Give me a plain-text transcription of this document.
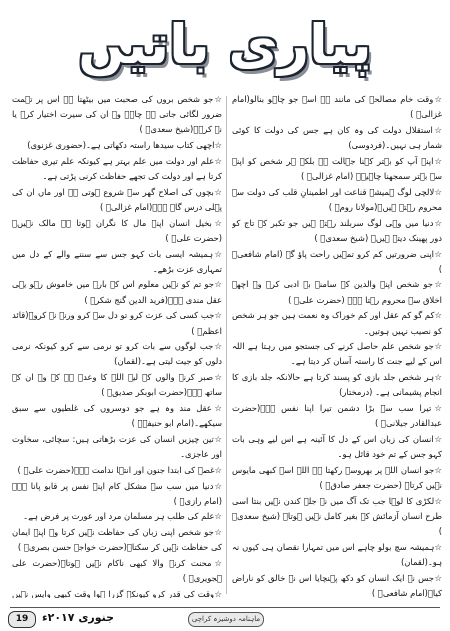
پیاری باتیں

☆وقت خام مصالحے کی مانند ہے اسے جو چاہو بنالو(امام غزالیؒ )

☆استقلال دولت کی وہ کان ہے جس کی دولت کا کوئی شمار ہی نہیں۔(فردوسی)

☆اپنے آپ کو بہتر کہنا جہالت ہے بلکہ ہر شخص کو اپنے سے بہتر سمجھنا چاہیے۔ (امام غزالیؒ )

☆لالچی لوگ ہمیشہ قناعت اور اطمینانِ قلب کی دولت سے محروم رہتے ہیں۔(مولانا رومؒ )

☆دنیا میں وہی لوگ سربلند رہتے ہیں جو تکبر کے تاج کو دور پھینک دیتے ہیں۔ (شیخ سعدیؒ )

☆اپنی ضرورتیں کم کرو تمہیں راحت پاؤ گے (امام شافعیؒ )

☆جو شخص اپنے والدین کے سامنے بے ادبی کرے وہ اچھے اخلاق سے محروم رہتا ہے۔ (حضرت علیؓ )

☆کم گو کم عقل اور کم خوراک وہ نعمت ہیں جو ہر شخص کو نصیب نہیں ہوتیں۔

☆جو شخص علم حاصل کرنے کی جستجو میں رہتا ہے اللہ اس کے لیے جنت کا راستہ آسان کر دیتا ہے۔

☆ہر شخص جلد بازی کو پسند کرتا ہے حالانکہ جلد بازی کا انجام پشیمانی ہے۔ (درمختار)

☆تیرا سب سے بڑا دشمن تیرا اپنا نفس ہے۔(حضرت عبدالقادر جیلانیؒ )

☆انسان کی زبان اس کے دل کا آئینہ ہے اس لیے وہی بات کہو جس کے تم خود قائل ہو۔

☆جو انسان اللہ پر بھروسہ رکھتا ہے اللہ اسے کبھی مایوس نہیں کرتا۔ (حضرت جعفر صادقؒ )

☆لکڑی کا لوہا جب تک آگ میں نہ جلے کندن نہیں بنتا اسی طرح انسان آزمائش کے بغیر کامل نہیں ہوتا۔ (شیخ سعدیؒ )

☆ہمیشہ سچ بولو چاہے اس میں تمہارا نقصان ہی کیوں نہ ہو۔(لقمان)

☆جس نے ایک انسان کو دکھ پہنچایا اس نے خالق کو ناراض کیا۔(امام شافعیؒ )

☆جو شخص بروں کی صحبت میں بیٹھتا ہے اس پر تہمت ضرور لگائی جاتی ہے چاہے وہ ان کی سیرت اختیار کرے یا نہ کرے۔(شیخ سعدیؒ )

☆اچھی کتاب سیدھا راستہ دکھاتی ہے۔(حضوری غزنوی)

☆علم اور دولت میں علم بہتر ہے کیونکہ علم تیری حفاظت کرتا ہے اور دولت کی تجھے حفاظت کرنی پڑتی ہے۔

☆بچوں کی اصلاح گھر سے شروع ہوتی ہے اور ماں ان کی پہلی درس گاہ ہے۔(امام غزالیؒ )

☆بخیل انسان اپنے مال کا نگران ہوتا ہے مالک نہیں۔(حضرت علیؓ )

☆ہمیشہ ایسی بات کہو جس سے سننے والے کے دل میں تمہاری عزت بڑھے۔

☆جو تم کو نہیں معلوم اس کے بارے میں خاموش رہو یہی عقل مندی ہے۔(فرید الدین گنج شکرؒ )

☆جب کسی کی عزت کرو تو دل سے کرو ورنہ نہ کرو۔(قائد اعظمؒ )

☆جب لوگوں سے بات کرو تو نرمی سے کرو کیونکہ نرمی دلوں کو جیت لیتی ہے۔(لقمان)

☆صبر کرنے والوں کے لیے اللہ کا وعدہ ہے کہ وہ ان کے ساتھ ہے۔(حضرت ابوبکر صدیقؓ )

☆عقل مند وہ ہے جو دوسروں کی غلطیوں سے سبق سیکھے۔(امام ابو حنیفہؒ )

☆تین چیزیں انسان کی عزت بڑھاتی ہیں: سچائی، سخاوت اور عاجزی۔

☆غصے کی ابتدا جنون اور انتہا ندامت ہے۔(حضرت علیؓ )

☆دنیا میں سب سے مشکل کام اپنے نفس پر قابو پانا ہے۔(امام رازیؒ )

☆علم کی طلب ہر مسلمان مرد اور عورت پر فرض ہے۔

☆جو شخص اپنی زبان کی حفاظت نہیں کرتا وہ اپنے ایمان کی حفاظت نہیں کر سکتا۔(حضرت خواجہ حسن بصریؒ )

☆محنت کرنے والا کبھی ناکام نہیں ہوتا۔(حضرت علی ہجویریؒ )

☆وقت کی قدر کرو کیونکہ گزرا ہوا وقت کبھی واپس نہیں

19	جنوری ۲۰۱۷ء	ماہنامہ دوشیزہ کراچی
